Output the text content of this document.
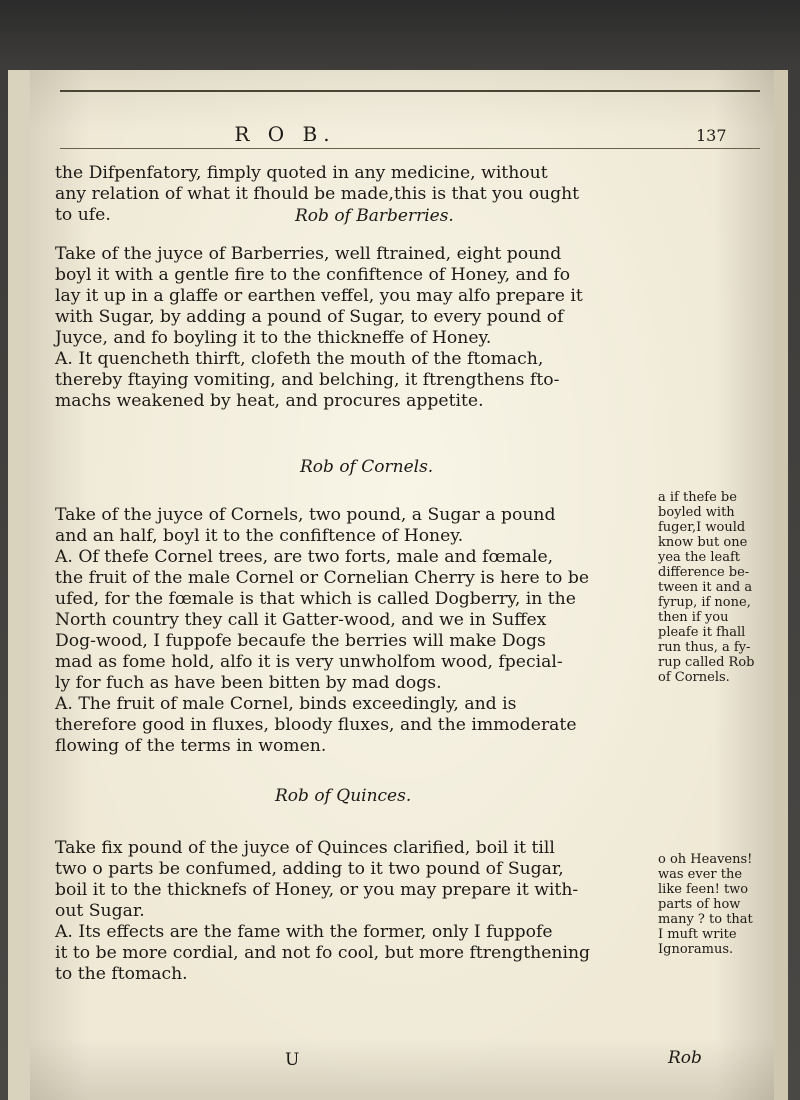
R O B.	137
the Difpenfatory, fimply quoted in any medicine, without
any relation of what it fhould be made,this is that you ought
to ufe.	Rob of Barberries.
Take of the juyce of Barberries, well ftrained, eight pound
boyl it with a gentle fire to the confiftence of Honey, and fo
lay it up in a glaffe or earthen veffel, you may alfo prepare it
with Sugar, by adding a pound of Sugar, to every pound of
Juyce, and fo boyling it to the thickneffe of Honey.
A. It quencheth thirft, clofeth the mouth of the ftomach,
thereby ftaying vomiting, and belching, it ftrengthens fto-
machs weakened by heat, and procures appetite.
Rob of Cornels.
Take of the juyce of Cornels, two pound, a Sugar a pound
and an half, boyl it to the confiftence of Honey.
A. Of thefe Cornel trees, are two forts, male and fœmale,
the fruit of the male Cornel or Cornelian Cherry is here to be
ufed, for the fœmale is that which is called Dogberry, in the
North country they call it Gatter-wood, and we in Suffex
Dog-wood, I fuppofe becaufe the berries will make Dogs
mad as fome hold, alfo it is very unwholfom wood, fpecial-
ly for fuch as have been bitten by mad dogs.
A. The fruit of male Cornel, binds exceedingly, and is
therefore good in fluxes, bloody fluxes, and the immoderate
flowing of the terms in women.
a if thefe be
boyled with
fuger,I would
know but one
yea the leaft
difference be-
tween it and a
fyrup, if none,
then if you
pleafe it fhall
run thus, a fy-
rup called Rob
of Cornels.
Rob of Quinces.
Take fix pound of the juyce of Quinces clarified, boil it till
two o parts be confumed, adding to it two pound of Sugar,
boil it to the thicknefs of Honey, or you may prepare it with-
out Sugar.
A. Its effects are the fame with the former, only I fuppofe
it to be more cordial, and not fo cool, but more ftrengthening
to the ftomach.
o oh Heavens!
was ever the
like feen! two
parts of how
many ? to that
I muft write
Ignoramus.
U	Rob
